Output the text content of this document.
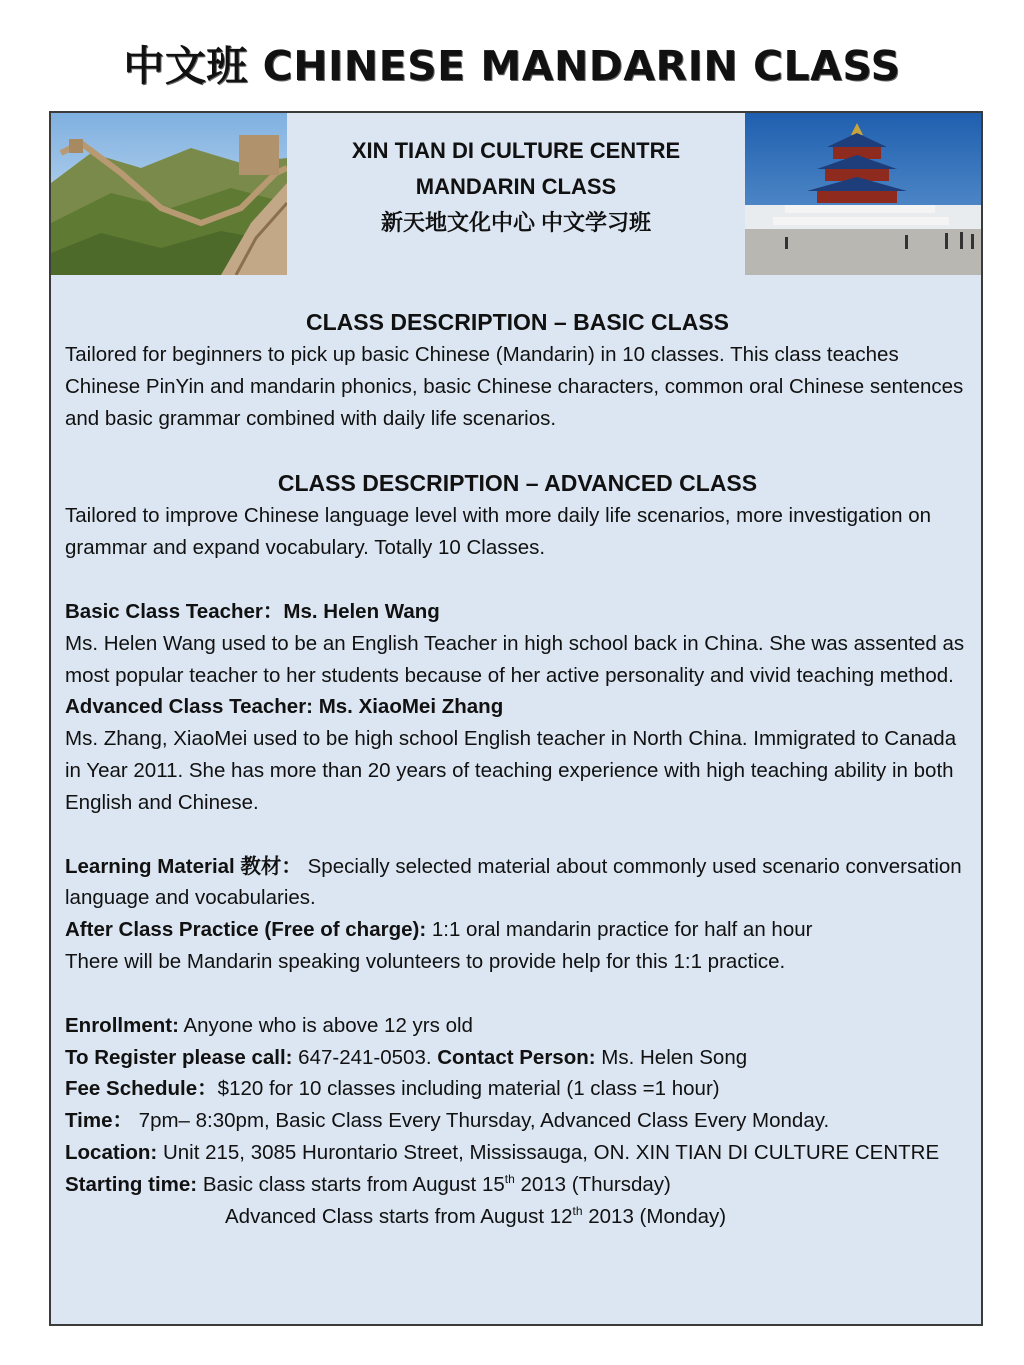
中文班 CHINESE MANDARIN CLASS
XIN TIAN DI CULTURE CENTRE
MANDARIN CLASS
新天地文化中心 中文学习班
CLASS DESCRIPTION – BASIC CLASS

Tailored for beginners to pick up basic Chinese (Mandarin) in 10 classes. This class teaches Chinese PinYin and mandarin phonics, basic Chinese characters, common oral Chinese sentences and basic grammar combined with daily life scenarios.

CLASS DESCRIPTION – ADVANCED CLASS

Tailored to improve Chinese language level with more daily life scenarios, more investigation on grammar and expand vocabulary. Totally 10 Classes.

Basic Class Teacher：Ms. Helen Wang

Ms. Helen Wang used to be an English Teacher in high school back in China. She was assented as most popular teacher to her students because of her active personality and vivid teaching method.

Advanced Class Teacher: Ms. XiaoMei Zhang

Ms. Zhang, XiaoMei used to be high school English teacher in North China. Immigrated to Canada in Year 2011. She has more than 20 years of teaching experience with high teaching ability in both English and Chinese.

Learning Material 教材： Specially selected material about commonly used scenario conversation language and vocabularies.

After Class Practice (Free of charge): 1:1 oral mandarin practice for half an hour

There will be Mandarin speaking volunteers to provide help for this 1:1 practice.

Enrollment: Anyone who is above 12 yrs old

To Register please call: 647-241-0503. Contact Person: Ms. Helen Song

Fee Schedule：$120 for 10 classes including material (1 class =1 hour)

Time： 7pm– 8:30pm, Basic Class Every Thursday, Advanced Class Every Monday.

Location: Unit 215, 3085 Hurontario Street, Mississauga, ON. XIN TIAN DI CULTURE CENTRE

Starting time: Basic class starts from August 15th 2013 (Thursday)

Advanced Class starts from August 12th 2013 (Monday)
